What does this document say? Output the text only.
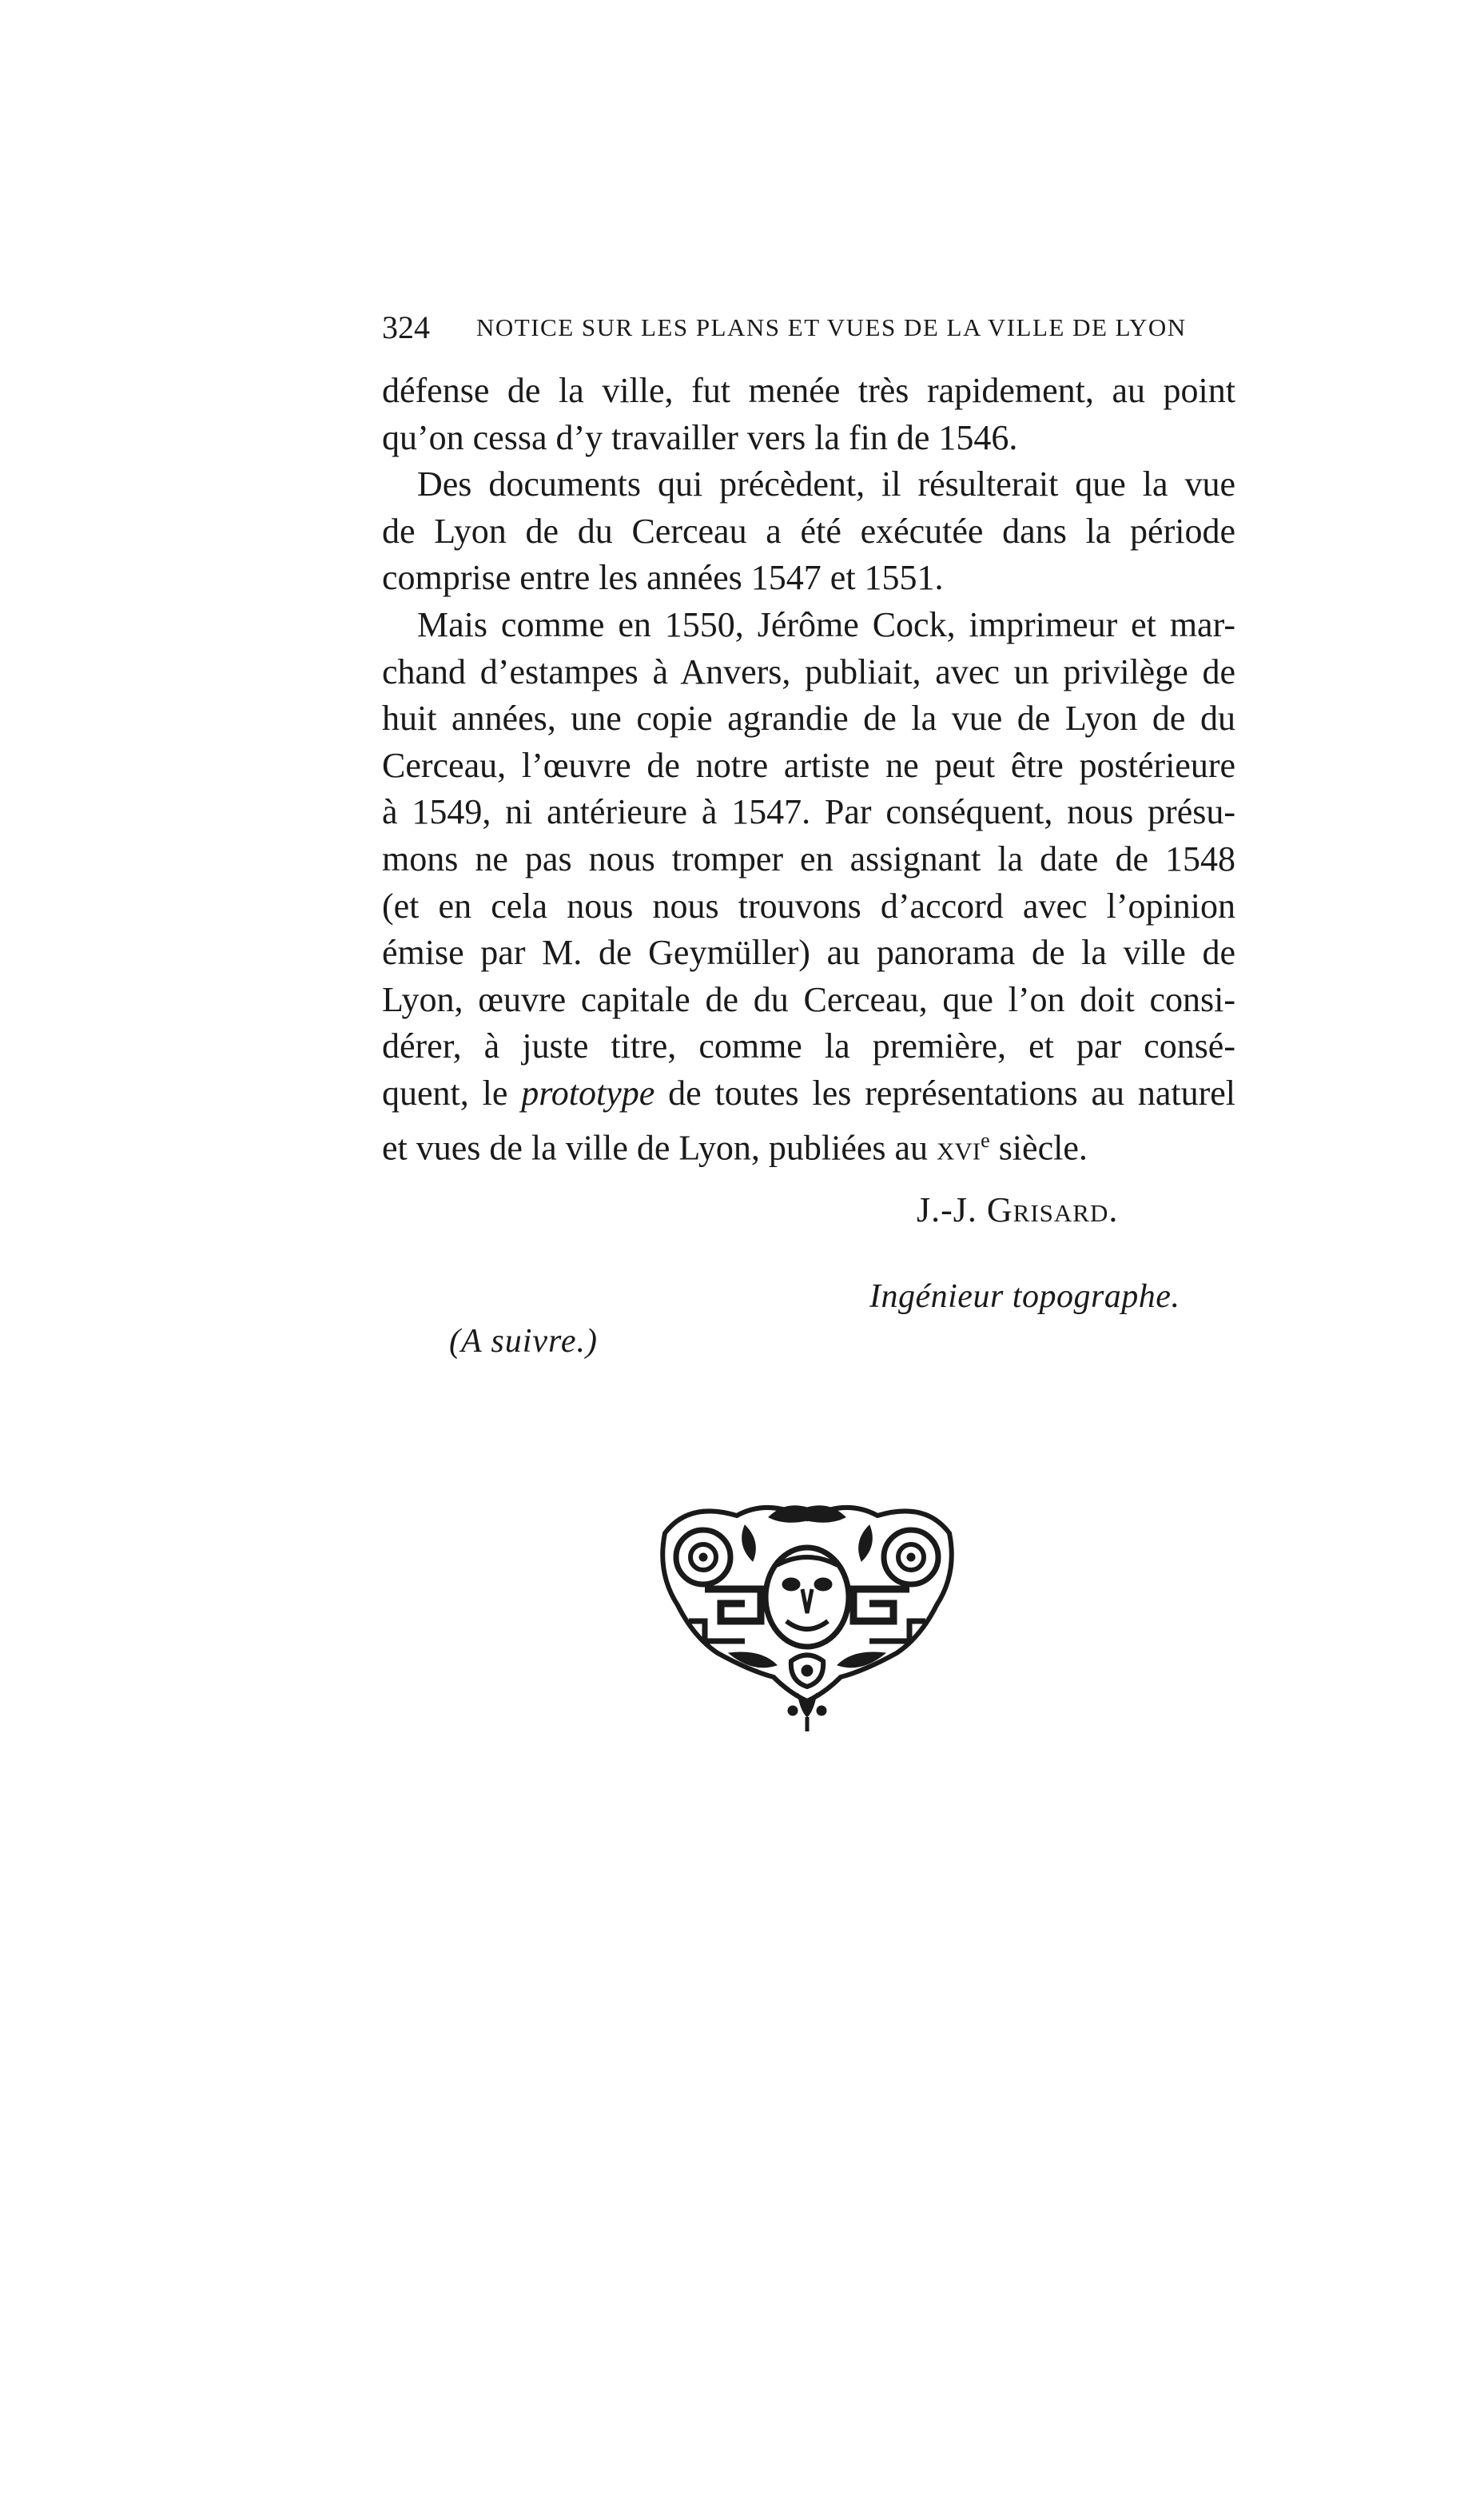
324 NOTICE SUR LES PLANS ET VUES DE LA VILLE DE LYON
défense de la ville, fut menée très rapidement, au point
qu’on cessa d’y travailler vers la fin de 1546.
Des documents qui précèdent, il résulterait que la vue
de Lyon de du Cerceau a été exécutée dans la période
comprise entre les années 1547 et 1551.
Mais comme en 1550, Jérôme Cock, imprimeur et mar-
chand d’estampes à Anvers, publiait, avec un privilège de
huit années, une copie agrandie de la vue de Lyon de du
Cerceau, l’œuvre de notre artiste ne peut être postérieure
à 1549, ni antérieure à 1547. Par conséquent, nous présu-
mons ne pas nous tromper en assignant la date de 1548
(et en cela nous nous trouvons d’accord avec l’opinion
émise par M. de Geymüller) au panorama de la ville de
Lyon, œuvre capitale de du Cerceau, que l’on doit consi-
dérer, à juste titre, comme la première, et par consé-
quent, le prototype de toutes les représentations au naturel
et vues de la ville de Lyon, publiées au xvi$^e$ siècle.
J.-J. Grisard.
Ingénieur topographe.
(A suivre.)
